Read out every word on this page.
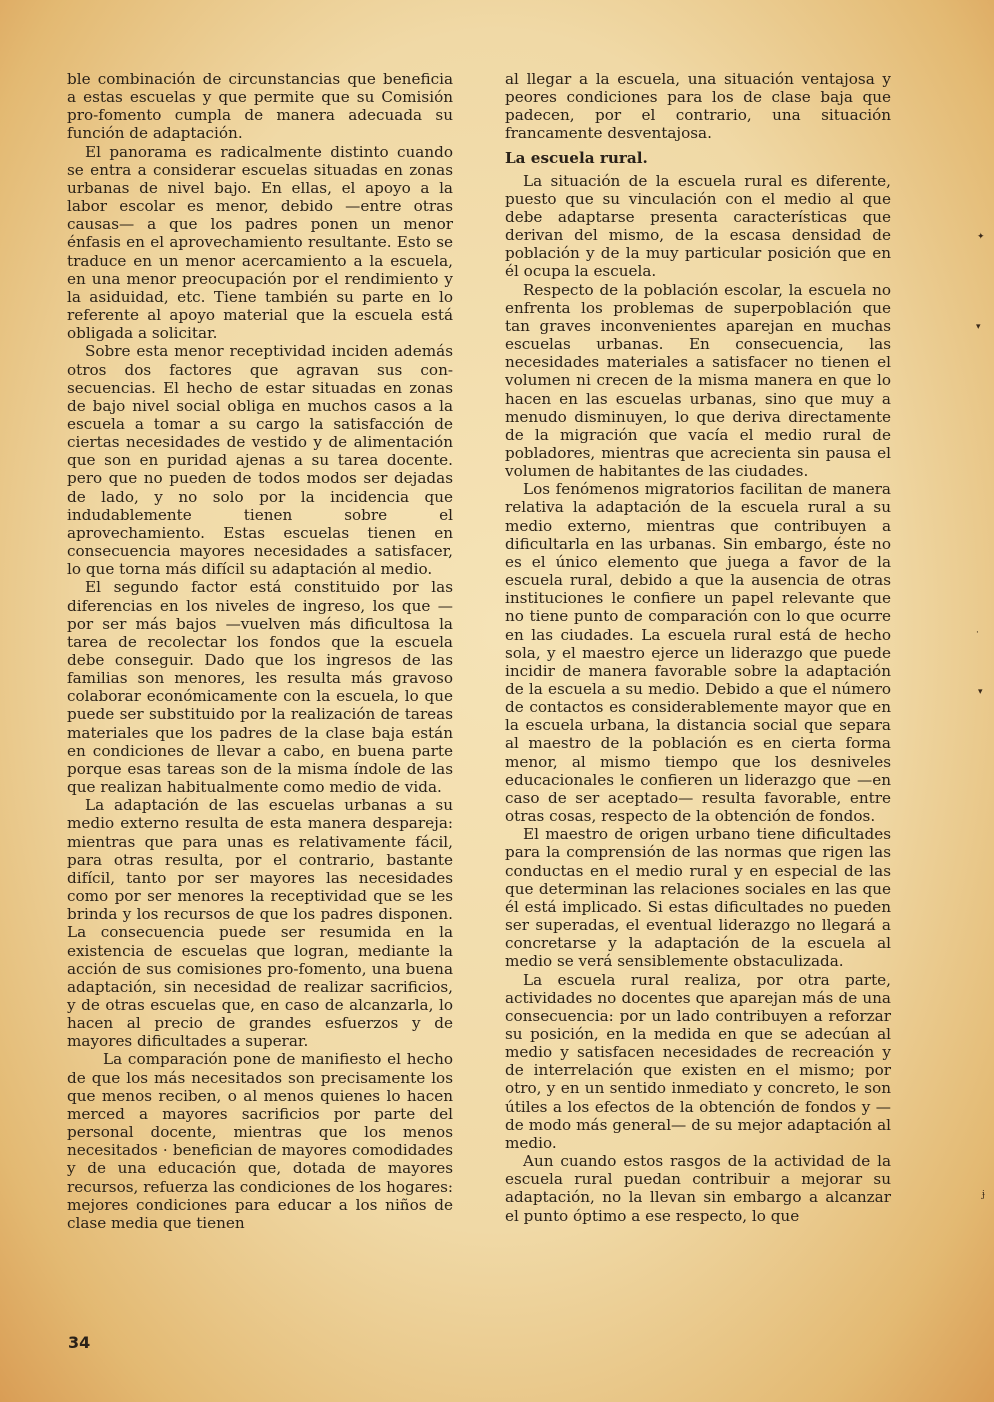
ble combinación de circunstancias que beneficia a estas escuelas y que permite que su Comisión pro-fomento cumpla de manera adecuada su función de adaptación.

El panorama es radicalmente distinto cuando se entra a considerar escuelas situadas en zonas urbanas de nivel bajo. En ellas, el apoyo a la labor escolar es menor, debido —entre otras causas— a que los padres ponen un menor énfasis en el aprovechamiento resultante. Esto se traduce en un menor acercamiento a la escuela, en una menor preocupación por el rendimiento y la asiduidad, etc. Tiene también su parte en lo referente al apoyo material que la escuela está obligada a solicitar.

Sobre esta menor receptividad inciden además otros dos factores que agravan sus consecuencias. El hecho de estar situadas en zonas de bajo nivel social obliga en muchos casos a la escuela a tomar a su cargo la satisfacción de ciertas necesidades de vestido y de alimentación que son en puridad ajenas a su tarea docente. pero que no pueden de todos modos ser dejadas de lado, y no solo por la incidencia que indudablemente tienen sobre el aprovechamiento. Estas escuelas tienen en consecuencia mayores necesidades a satisfacer, lo que torna más difícil su adaptación al medio.

El segundo factor está constituido por las diferencias en los niveles de ingreso, los que —por ser más bajos —vuelven más dificultosa la tarea de recolectar los fondos que la escuela debe conseguir. Dado que los ingresos de las familias son menores, les resulta más gravoso colaborar económicamente con la escuela, lo que puede ser substituido por la realización de tareas materiales que los padres de la clase baja están en condiciones de llevar a cabo, en buena parte porque esas tareas son de la misma índole de las que realizan habitualmente como medio de vida.

La adaptación de las escuelas urbanas a su medio externo resulta de esta manera despareja: mientras que para unas es relativamente fácil, para otras resulta, por el contrario, bastante difícil, tanto por ser mayores las necesidades como por ser menores la receptividad que se les brinda y los recursos de que los padres disponen. La consecuencia puede ser resumida en la existencia de escuelas que logran, mediante la acción de sus comisiones pro-fomento, una buena adaptación, sin necesidad de realizar sacrificios, y de otras escuelas que, en caso de alcanzarla, lo hacen al precio de grandes esfuerzos y de mayores dificultades a superar.

La comparación pone de manifiesto el hecho de que los más necesitados son precisamente los que menos reciben, o al menos quienes lo hacen merced a mayores sacrificios por parte del personal docente, mientras que los menos necesitados · benefician de mayores comodidades y de una educación que, dotada de mayores recursos, refuerza las condiciones de los hogares: mejores condiciones para educar a los niños de clase media que tienen

al llegar a la escuela, una situación ventajosa y peores condiciones para los de clase baja que padecen, por el contrario, una situación francamente desventajosa.

La escuela rural.

La situación de la escuela rural es diferente, puesto que su vinculación con el medio al que debe adaptarse presenta características que derivan del mismo, de la escasa densidad de población y de la muy particular posición que en él ocupa la escuela.

Respecto de la población escolar, la escuela no enfrenta los problemas de superpoblación que tan graves inconvenientes aparejan en muchas escuelas urbanas. En consecuencia, las necesidades materiales a satisfacer no tienen el volumen ni crecen de la misma manera en que lo hacen en las escuelas urbanas, sino que muy a menudo disminuyen, lo que deriva directamente de la migración que vacía el medio rural de pobladores, mientras que acrecienta sin pausa el volumen de habitantes de las ciudades.

Los fenómenos migratorios facilitan de manera relativa la adaptación de la escuela rural a su medio externo, mientras que contribuyen a dificultarla en las urbanas. Sin embargo, éste no es el único elemento que juega a favor de la escuela rural, debido a que la ausencia de otras instituciones le confiere un papel relevante que no tiene punto de comparación con lo que ocurre en las ciudades. La escuela rural está de hecho sola, y el maestro ejerce un liderazgo que puede incidir de manera favorable sobre la adaptación de la escuela a su medio. Debido a que el número de contactos es considerablemente mayor que en la escuela urbana, la distancia social que separa al maestro de la población es en cierta forma menor, al mismo tiempo que los desniveles educacionales le confieren un liderazgo que —en caso de ser aceptado— resulta favorable, entre otras cosas, respecto de la obtención de fondos.

El maestro de origen urbano tiene dificultades para la comprensión de las normas que rigen las conductas en el medio rural y en especial de las que determinan las relaciones sociales en las que él está implicado. Si estas dificultades no pueden ser superadas, el eventual liderazgo no llegará a concretarse y la adaptación de la escuela al medio se verá sensiblemente obstaculizada.

La escuela rural realiza, por otra parte, actividades no docentes que aparejan más de una consecuencia: por un lado contribuyen a reforzar su posición, en la medida en que se adecúan al medio y satisfacen necesidades de recreación y de interrelación que existen en el mismo; por otro, y en un sentido inmediato y concreto, le son útiles a los efectos de la obtención de fondos y —de modo más general— de su mejor adaptación al medio.

Aun cuando estos rasgos de la actividad de la escuela rural puedan contribuir a mejorar su adaptación, no la llevan sin embargo a alcanzar el punto óptimo a ese respecto, lo que

34
✦
▾
·
▾
ɉ
